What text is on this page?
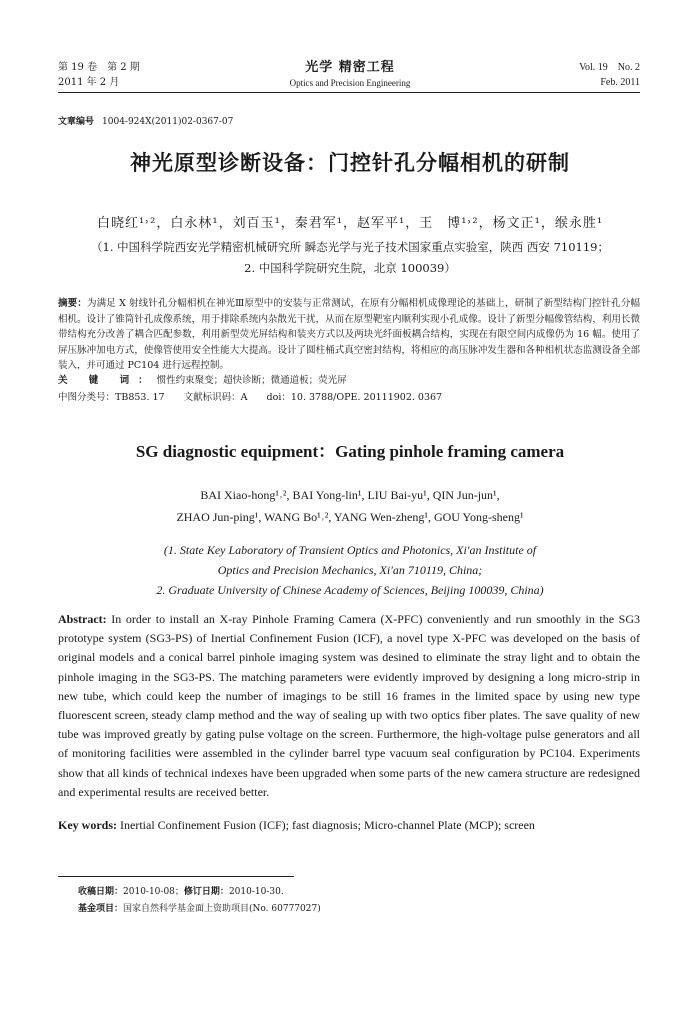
第 19 卷　第 2 期
2011 年 2 月
光学 精密工程
Optics and Precision Engineering
Vol. 19　No. 2
Feb. 2011
文章编号 1004-924X(2011)02-0367-07
神光原型诊断设备：门控针孔分幅相机的研制
白晓红¹˒²，白永林¹，刘百玉¹，秦君军¹，赵军平¹，王　博¹˒²，杨文正¹，缑永胜¹
（1. 中国科学院西安光学精密机械研究所 瞬态光学与光子技术国家重点实验室，陕西 西安 710119；
2. 中国科学院研究生院，北京 100039）
摘要：为满足 X 射线针孔分幅相机在神光Ⅲ原型中的安装与正常测试，在原有分幅相机成像理论的基础上，研制了新型结构门控针孔分幅相机。设计了锥筒针孔成像系统，用于排除系统内杂散光干扰，从而在原型靶室内顺利实现小孔成像。设计了新型分幅像管结构，利用长微带结构充分改善了耦合匹配参数，利用新型荧光屏结构和装夹方式以及两块光纤面板耦合结构，实现在有限空间内成像仍为 16 幅。使用了屏压脉冲加电方式，使像管使用安全性能大大提高。设计了圆柱桶式真空密封结构，将相应的高压脉冲发生器和各种相机状态监测设备全部装入，并可通过 PC104 进行远程控制。
关 键 词：惯性约束聚变；超快诊断；微通道板；荧光屏
中图分类号：TB853. 17 文献标识码：A doi：10. 3788/OPE. 20111902. 0367
SG diagnostic equipment：Gating pinhole framing camera
BAI Xiao-hong¹˒², BAI Yong-lin¹, LIU Bai-yu¹, QIN Jun-jun¹,
ZHAO Jun-ping¹, WANG Bo¹˒², YANG Wen-zheng¹, GOU Yong-sheng¹
(1. State Key Laboratory of Transient Optics and Photonics, Xi′an Institute of
Optics and Precision Mechanics, Xi′an 710119, China;
2. Graduate University of Chinese Academy of Sciences, Beijing 100039, China)
Abstract: In order to install an X-ray Pinhole Framing Camera (X-PFC) conveniently and run smoothly in the SG3 prototype system (SG3-PS) of Inertial Confinement Fusion (ICF), a novel type X-PFC was developed on the basis of original models and a conical barrel pinhole imaging system was desined to eliminate the stray light and to obtain the pinhole imaging in the SG3-PS. The matching parameters were evidently improved by designing a long micro-strip in new tube, which could keep the number of imagings to be still 16 frames in the limited space by using new type fluorescent screen, steady clamp method and the way of sealing up with two optics fiber plates. The save quality of new tube was improved greatly by gating pulse voltage on the screen. Furthermore, the high-voltage pulse generators and all of monitoring facilities were assembled in the cylinder barrel type vacuum seal configuration by PC104. Experiments show that all kinds of technical indexes have been upgraded when some parts of the new camera structure are redesigned and experimental results are received better.
Key words: Inertial Confinement Fusion (ICF); fast diagnosis; Micro-channel Plate (MCP); screen
收稿日期：2010-10-08；修订日期：2010-10-30.
基金项目：国家自然科学基金面上资助项目(No. 60777027)
